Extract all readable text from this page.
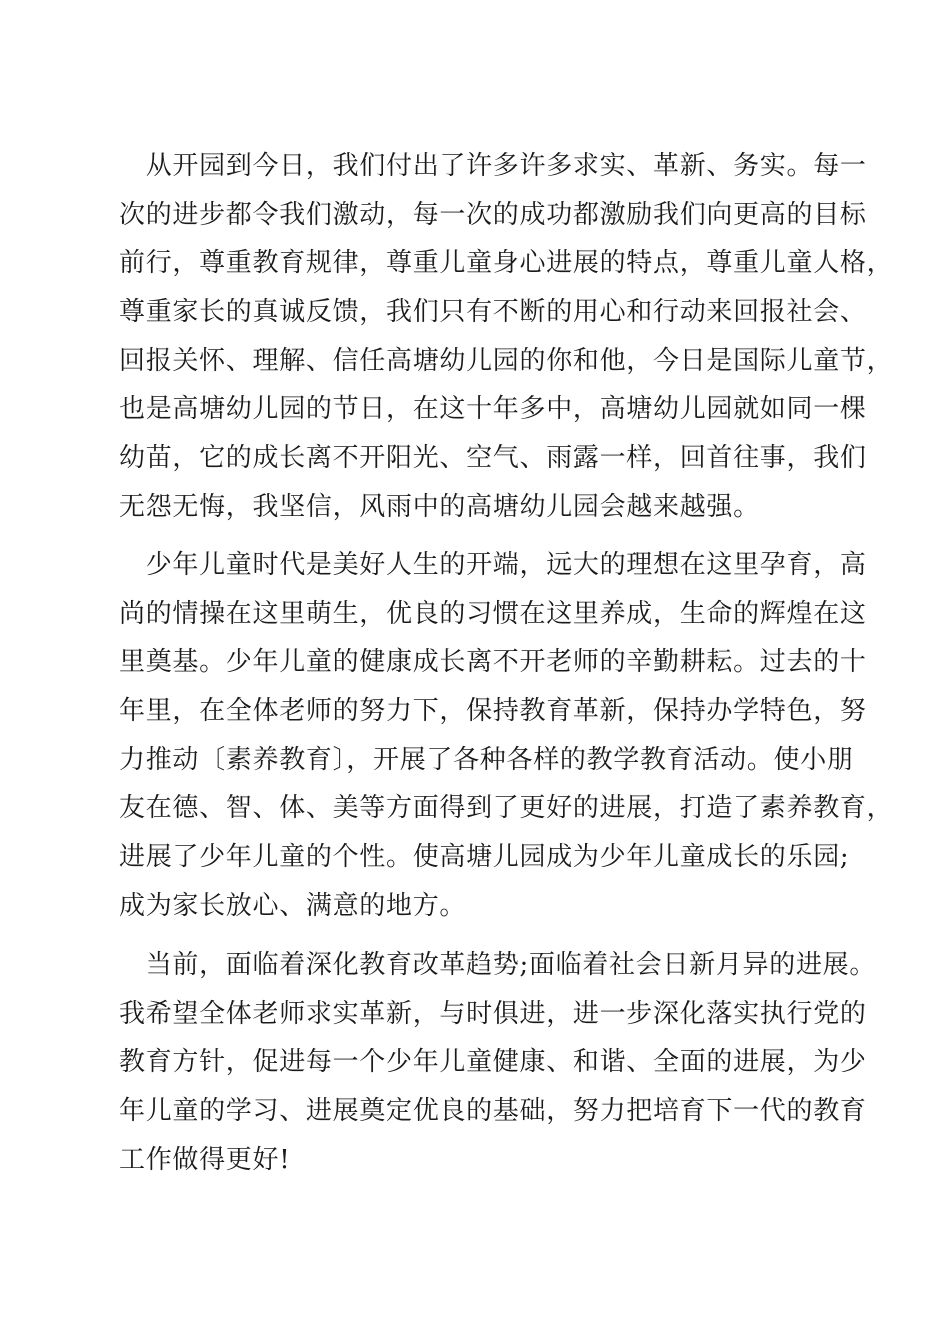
　从开园到今日，我们付出了许多许多求实、革新、务实。每一
次的进步都令我们激动，每一次的成功都激励我们向更高的目标
前行，尊重教育规律，尊重儿童身心进展的特点，尊重儿童人格，
尊重家长的真诚反馈，我们只有不断的用心和行动来回报社会、
回报关怀、理解、信任高塘幼儿园的你和他，今日是国际儿童节，
也是高塘幼儿园的节日，在这十年多中，高塘幼儿园就如同一棵
幼苗，它的成长离不开阳光、空气、雨露一样，回首往事，我们
无怨无悔，我坚信，风雨中的高塘幼儿园会越来越强。

　少年儿童时代是美好人生的开端，远大的理想在这里孕育，高
尚的情操在这里萌生，优良的习惯在这里养成，生命的辉煌在这
里奠基。少年儿童的健康成长离不开老师的辛勤耕耘。过去的十
年里，在全体老师的努力下，保持教育革新，保持办学特色，努
力推动〔素养教育〕，开展了各种各样的教学教育活动。使小朋
友在德、智、体、美等方面得到了更好的进展，打造了素养教育，
进展了少年儿童的个性。使高塘儿园成为少年儿童成长的乐园;
成为家长放心、满意的地方。

　当前，面临着深化教育改革趋势;面临着社会日新月异的进展。
我希望全体老师求实革新，与时俱进，进一步深化落实执行党的
教育方针，促进每一个少年儿童健康、和谐、全面的进展，为少
年儿童的学习、进展奠定优良的基础，努力把培育下一代的教育
工作做得更好!
